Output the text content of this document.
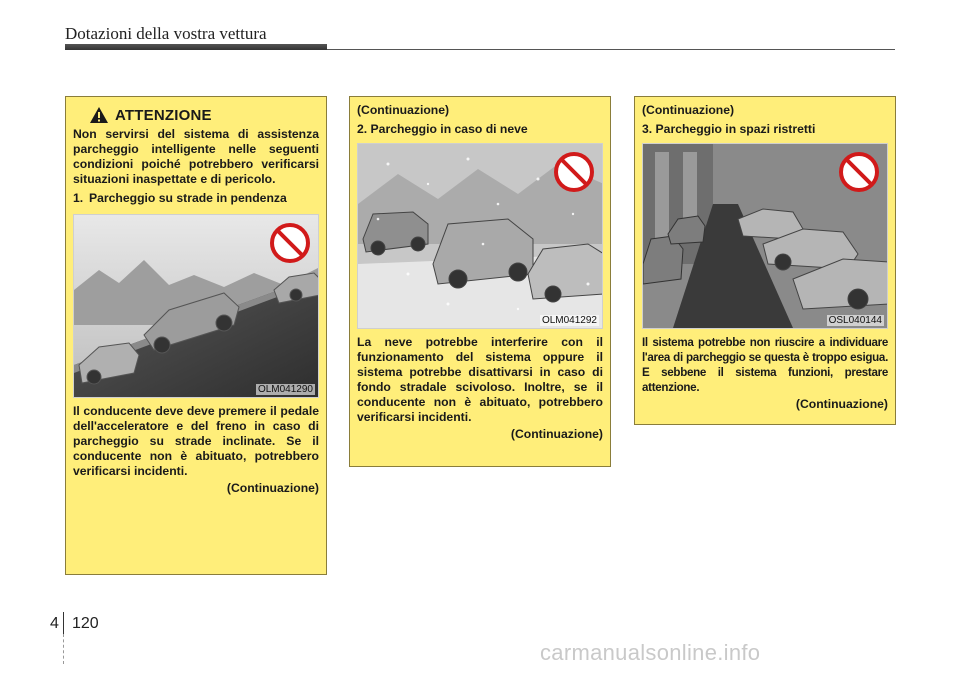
Dotazioni della vostra vettura
ATTENZIONE
Non servirsi del sistema di assistenza parcheggio intelligente nelle seguenti condizioni poiché potrebbero verificarsi situazioni inaspettate e di pericolo.
1. Parcheggio su strade in pendenza
OLM041290
Il conducente deve deve premere il pedale dell'acceleratore e del freno in caso di parcheggio su strade inclinate. Se il conducente non è abituato, potrebbero verificarsi incidenti.
(Continuazione)
(Continuazione)
2. Parcheggio in caso di neve
OLM041292
La neve potrebbe interferire con il funzionamento del sistema oppure il sistema potrebbe disattivarsi in caso di fondo stradale scivoloso. Inoltre, se il conducente non è abituato, potrebbero verificarsi incidenti.
(Continuazione)
(Continuazione)
3. Parcheggio in spazi ristretti
OSL040144
Il sistema potrebbe non riuscire a individuare l'area di parcheggio se questa è troppo esigua. E sebbene il sistema funzioni, prestare attenzione.
(Continuazione)
4 120
carmanualsonline.info
